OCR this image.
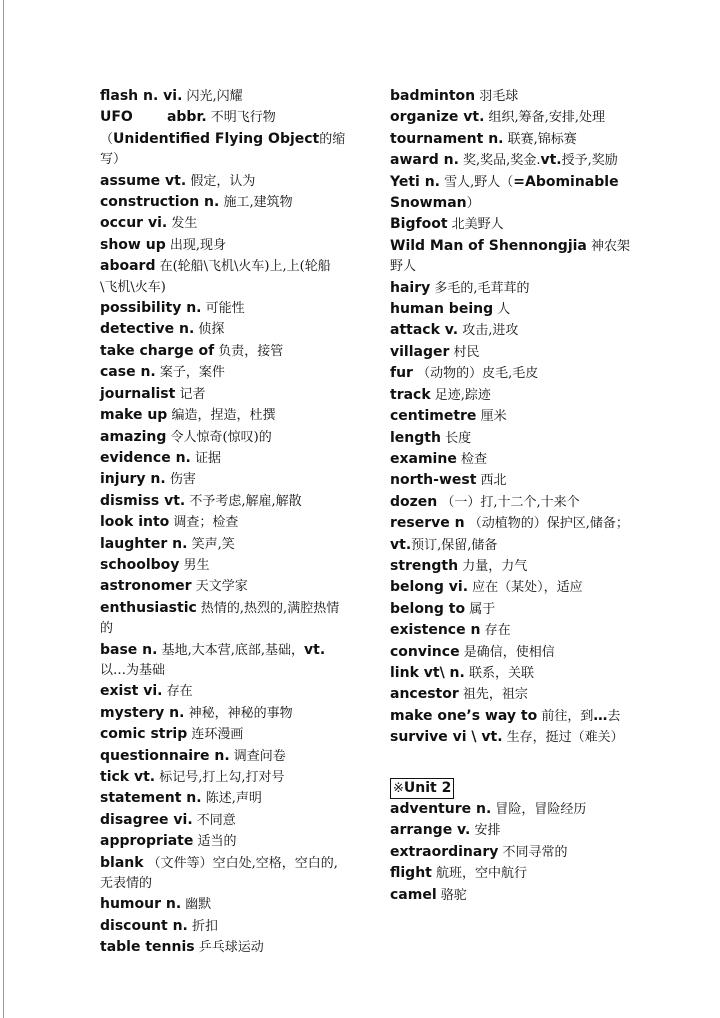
flash n. vi. 闪光,闪耀
UFO       abbr. 不明飞行物（Unidentified Flying Object的缩写）
assume vt. 假定，认为
construction n. 施工,建筑物
occur vi. 发生
show up 出现,现身
aboard 在(轮船\飞机\火车)上,上(轮船\飞机\火车)
possibility n. 可能性
detective n. 侦探
take charge of 负责，接管
case n. 案子，案件
journalist 记者
make up 编造，捏造，杜撰
amazing 令人惊奇(惊叹)的
evidence n. 证据
injury n. 伤害
dismiss vt. 不予考虑,解雇,解散
look into 调查；检查
laughter n. 笑声,笑
schoolboy 男生
astronomer 天文学家
enthusiastic 热情的,热烈的,满腔热情的
base n. 基地,大本营,底部,基础，vt.以…为基础
exist vi. 存在
mystery n. 神秘，神秘的事物
comic strip 连环漫画
questionnaire n. 调查问卷
tick vt. 标记号,打上勾,打对号
statement n. 陈述,声明
disagree vi. 不同意
appropriate 适当的
blank （文件等）空白处,空格，空白的,无表情的
humour n. 幽默
discount n. 折扣
table tennis 乒乓球运动
badminton 羽毛球
organize vt. 组织,筹备,安排,处理
tournament n. 联赛,锦标赛
award n. 奖,奖品,奖金.vt.授予,奖励
Yeti n. 雪人,野人（=Abominable Snowman）
Bigfoot 北美野人
Wild Man of Shennongjia 神农架野人
hairy 多毛的,毛茸茸的
human being 人
attack v. 攻击,进攻
villager 村民
fur （动物的）皮毛,毛皮
track 足迹,踪迹
centimetre 厘米
length 长度
examine 检查
north-west 西北
dozen （一）打,十二个,十来个
reserve n （动植物的）保护区,储备；vt.预订,保留,储备
strength 力量，力气
belong vi. 应在（某处），适应
belong to 属于
existence n 存在
convince 是确信，使相信
link vt\ n. 联系，关联
ancestor 祖先，祖宗
make one’s way to 前往，到…去
survive vi \ vt. 生存，挺过（难关）
※Unit 2
adventure n. 冒险，冒险经历
arrange v. 安排
extraordinary 不同寻常的
flight 航班，空中航行
camel 骆驼
